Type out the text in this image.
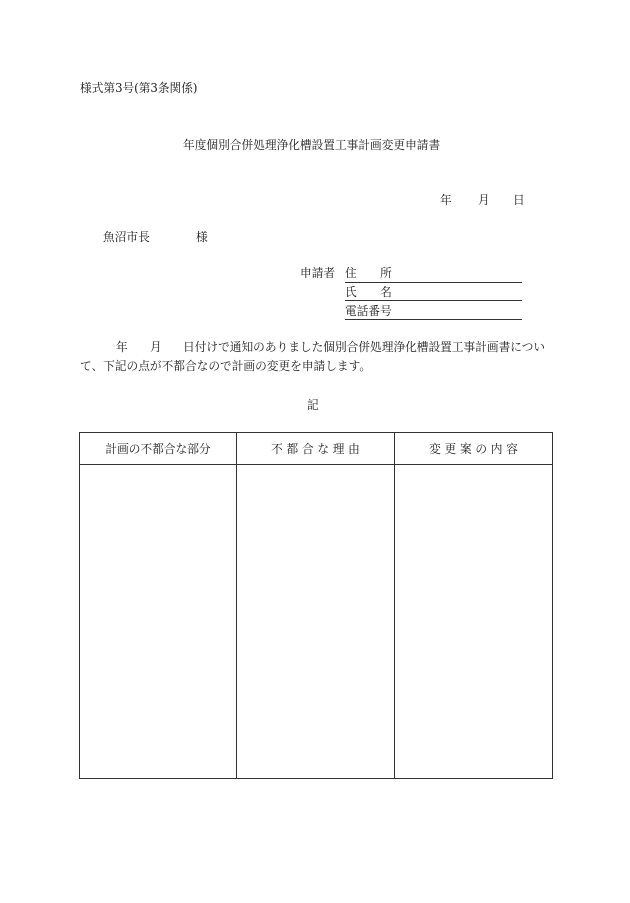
様式第3号(第3条関係)
年度個別合併処理浄化槽設置工事計画変更申請書
年 月 日
魚沼市長	様
申請者 住　　所
氏　　名
電話番号
年 月 日付けで通知のありました個別合併処理浄化槽設置工事計画書につい
て、下記の点が不都合なので計画の変更を申請します。
記
計画の不都合な部分	不 都 合 な 理 由	変 更 案 の 内 容
